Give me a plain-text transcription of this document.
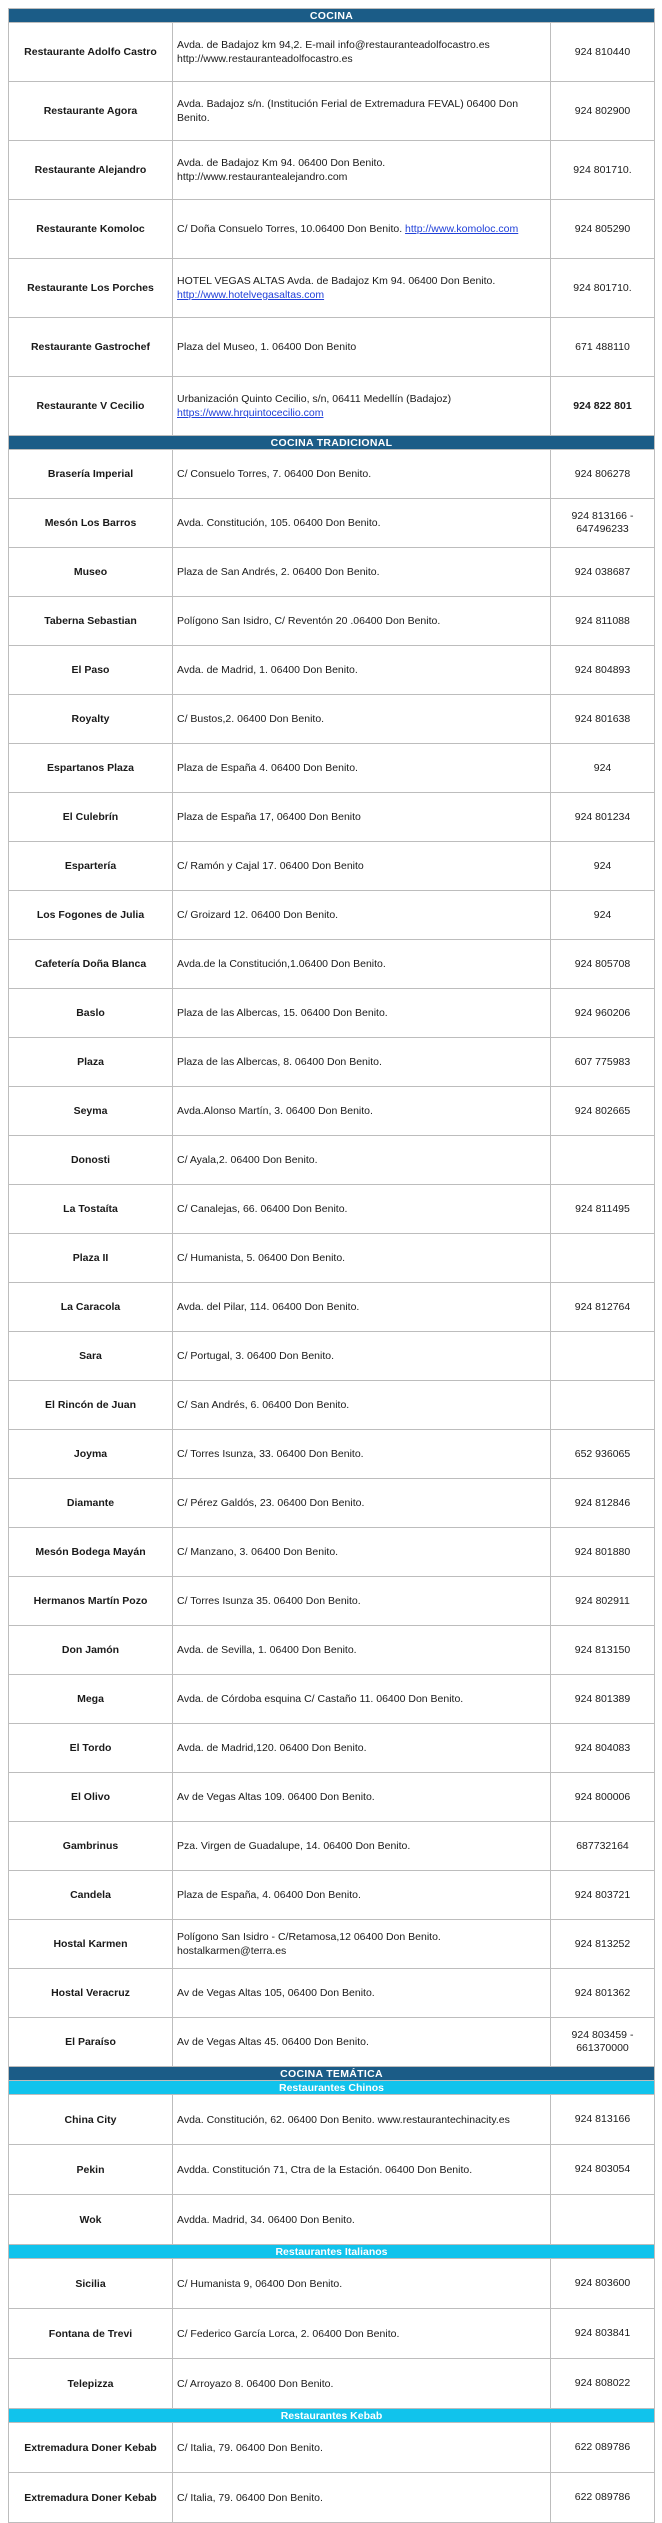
COCINA		
Restaurante Adolfo Castro	Avda. de Badajoz km 94,2. E-mail info@restauranteadolfocastro.es http://www.restauranteadolfocastro.es	924 810440
Restaurante Agora	Avda. Badajoz s/n. (Institución Ferial de Extremadura FEVAL) 06400 Don Benito.	924 802900
Restaurante Alejandro	Avda. de Badajoz Km 94. 06400 Don Benito. http://www.restaurantealejandro.com	924 801710.
Restaurante Komoloc	C/ Doña Consuelo Torres, 10.06400 Don Benito. http://www.komoloc.com	924 805290
Restaurante Los Porches	HOTEL VEGAS ALTAS Avda. de Badajoz Km 94. 06400 Don Benito. http://www.hotelvegasaltas.com	924 801710.
Restaurante Gastrochef	Plaza del Museo, 1. 06400 Don Benito	671 488110
Restaurante V Cecilio	Urbanización Quinto Cecilio, s/n, 06411 Medellín (Badajoz) https://www.hrquintocecilio.com	924 822 801
COCINA TRADICIONAL		
Brasería Imperial	C/ Consuelo Torres, 7. 06400 Don Benito.	924 806278
Mesón Los Barros	Avda. Constitución, 105. 06400 Don Benito.	924 813166 - 647496233
Museo	Plaza de San Andrés, 2. 06400 Don Benito.	924 038687
Taberna Sebastian	Polígono San Isidro, C/ Reventón 20 .06400 Don Benito.	924 811088
El Paso	Avda. de Madrid, 1. 06400 Don Benito.	924 804893
Royalty	C/ Bustos,2. 06400 Don Benito.	924 801638
Espartanos Plaza	Plaza de España 4. 06400 Don Benito.	924
El Culebrín	Plaza de España 17, 06400 Don Benito	924 801234
Espartería	C/ Ramón y Cajal 17. 06400 Don Benito	924
Los Fogones de Julia	C/ Groizard 12. 06400 Don Benito.	924
Cafetería Doña Blanca	Avda.de la Constitución,1.06400 Don Benito.	924 805708
Baslo	Plaza de las Albercas, 15. 06400 Don Benito.	924 960206
Plaza	Plaza de las Albercas, 8. 06400 Don Benito.	607 775983
Seyma	Avda.Alonso Martín, 3. 06400 Don Benito.	924 802665
Donosti	C/ Ayala,2. 06400 Don Benito.	
La Tostaíta	C/ Canalejas, 66. 06400 Don Benito.	924 811495
Plaza II	C/ Humanista, 5. 06400 Don Benito.	
La Caracola	Avda. del Pilar, 114. 06400 Don Benito.	924 812764
Sara	C/ Portugal, 3. 06400 Don Benito.	
El Rincón de Juan	C/ San Andrés, 6. 06400 Don Benito.	
Joyma	C/ Torres Isunza, 33. 06400 Don Benito.	652 936065
Diamante	C/ Pérez Galdós, 23. 06400 Don Benito.	924 812846
Mesón Bodega Mayán	C/ Manzano, 3. 06400 Don Benito.	924 801880
Hermanos Martín Pozo	C/ Torres Isunza 35. 06400 Don Benito.	924 802911
Don Jamón	Avda. de Sevilla, 1. 06400 Don Benito.	924 813150
Mega	Avda. de Córdoba esquina C/ Castaño 11. 06400 Don Benito.	924 801389
El Tordo	Avda. de Madrid,120. 06400 Don Benito.	924 804083
El Olivo	Av de Vegas Altas 109. 06400 Don Benito.	924 800006
Gambrinus	Pza. Virgen de Guadalupe, 14. 06400 Don Benito.	687732164
Candela	Plaza de España, 4. 06400 Don Benito.	924 803721
Hostal Karmen	Polígono San Isidro - C/Retamosa,12 06400 Don Benito. hostalkarmen@terra.es	924 813252
Hostal Veracruz	Av de Vegas Altas 105, 06400 Don Benito.	924 801362
El Paraíso	Av de Vegas Altas 45. 06400 Don Benito.	924 803459 - 661370000
COCINA TEMÁTICA		
Restaurantes Chinos		
China City	Avda. Constitución, 62. 06400 Don Benito. www.restaurantechinacity.es	924 813166
Pekin	Avdda. Constitución 71, Ctra de la Estación. 06400 Don Benito.	924 803054
Wok	Avdda. Madrid, 34. 06400 Don Benito.	
Restaurantes Italianos		
Sicilia	C/ Humanista 9, 06400 Don Benito.	924 803600
Fontana de Trevi	C/ Federico García Lorca, 2. 06400 Don Benito.	924 803841
Telepizza	C/ Arroyazo 8. 06400 Don Benito.	924 808022
Restaurantes Kebab		
Extremadura Doner Kebab	C/ Italia, 79. 06400 Don Benito.	622 089786
Extremadura Doner Kebab	C/ Italia, 79. 06400 Don Benito.	622 089786
